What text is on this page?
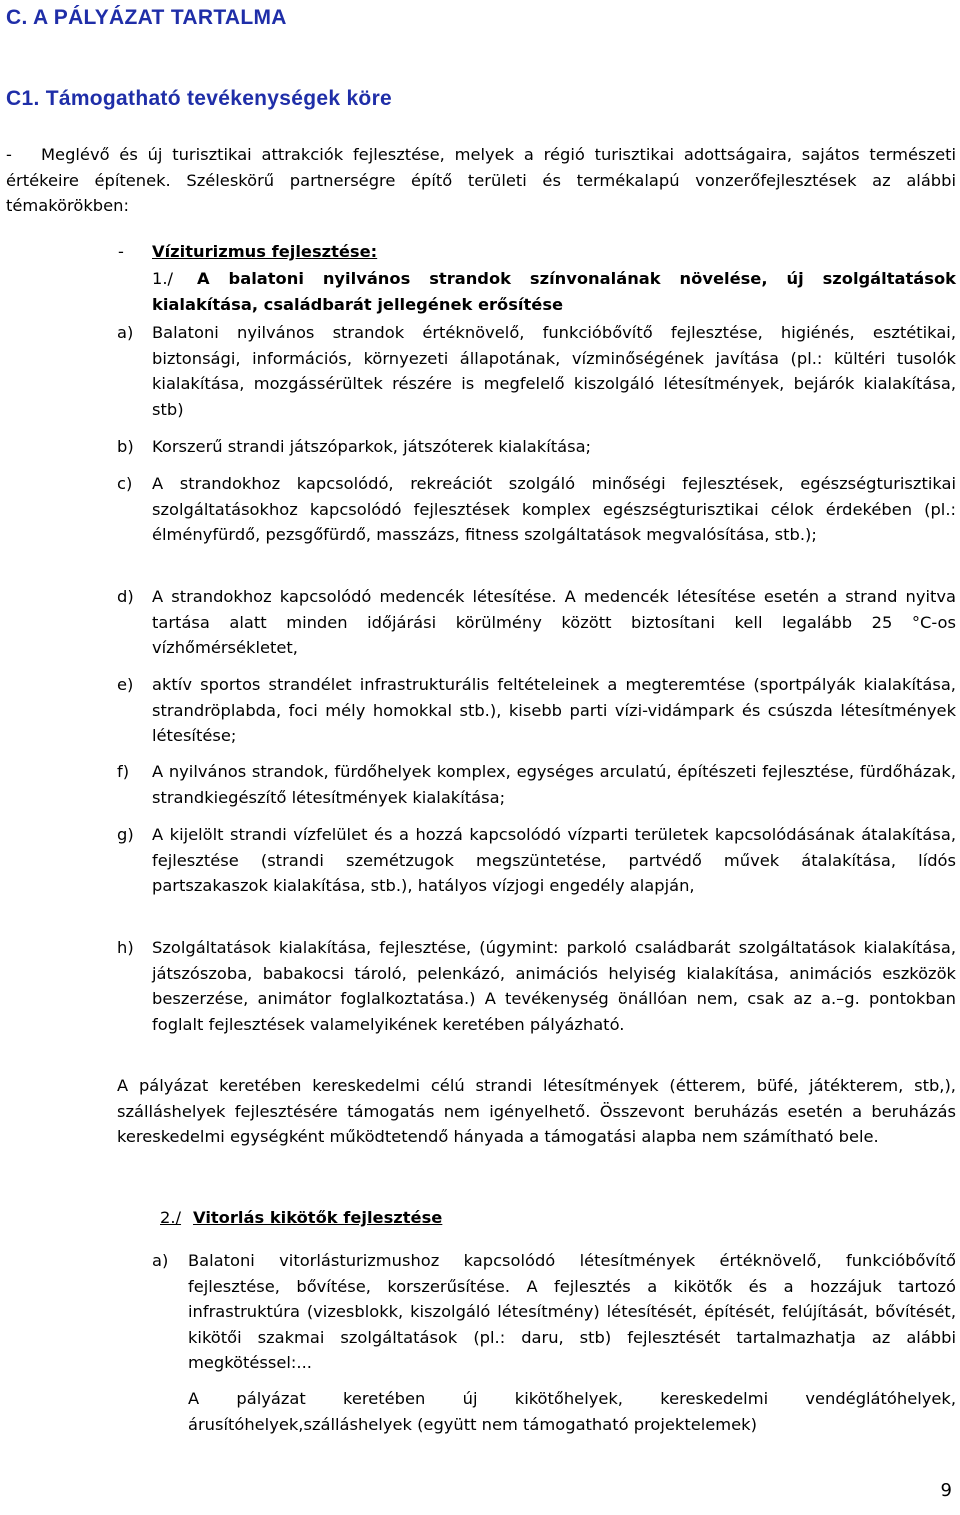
C. A PÁLYÁZAT TARTALMA
C1. Támogatható tevékenységek köre
-	Meglévő és új turisztikai attrakciók fejlesztése, melyek a régió turisztikai adottságaira, sajátos természeti értékeire építenek. Széleskörű partnerségre építő területi és termékalapú vonzerőfejlesztések az alábbi témakörökben:

- Víziturizmus fejlesztése:

A balatoni nyilvános strandok színvonalának növelése, új szolgáltatások kialakítása, családbarát jellegének erősítése

1./
a) Balatoni nyilvános strandok értéknövelő, funkcióbővítő fejlesztése, higiénés, esztétikai, biztonsági, információs, környezeti állapotának, vízminőségének javítása (pl.: kültéri tusolók kialakítása, mozgássérültek részére is megfelelő kiszolgáló létesítmények, bejárók kialakítása, stb)

b) Korszerű strandi játszóparkok, játszóterek kialakítása;

c) A strandokhoz kapcsolódó, rekreációt szolgáló minőségi fejlesztések, egészségturisztikai szolgáltatásokhoz kapcsolódó fejlesztések komplex egészségturisztikai célok érdekében (pl.: élményfürdő, pezsgőfürdő, masszázs, fitness szolgáltatások megvalósítása, stb.);

d) A strandokhoz kapcsolódó medencék létesítése. A medencék létesítése esetén a strand nyitva tartása alatt minden időjárási körülmény között biztosítani kell legalább 25 °C-os vízhőmérsékletet,

e) aktív sportos strandélet infrastrukturális feltételeinek a megteremtése (sportpályák kialakítása, strandröplabda, foci mély homokkal stb.), kisebb parti vízi-vidámpark és csúszda létesítmények létesítése;

f) A nyilvános strandok, fürdőhelyek komplex, egységes arculatú, építészeti fejlesztése, fürdőházak, strandkiegészítő létesítmények kialakítása;

g) A kijelölt strandi vízfelület és a hozzá kapcsolódó vízparti területek kapcsolódásának átalakítása, fejlesztése (strandi szemétzugok megszüntetése, partvédő művek átalakítása, lídós partszakaszok kialakítása, stb.), hatályos vízjogi engedély alapján,

h) Szolgáltatások kialakítása, fejlesztése, (úgymint: parkoló családbarát szolgáltatások kialakítása, játszószoba, babakocsi tároló, pelenkázó, animációs helyiség kialakítása, animációs eszközök beszerzése, animátor foglalkoztatása.) A tevékenység önállóan nem, csak az a.–g. pontokban foglalt fejlesztések valamelyikének keretében pályázható.

A pályázat keretében kereskedelmi célú strandi létesítmények (étterem, büfé, játékterem, stb,), szálláshelyek fejlesztésére támogatás nem igényelhető. Összevont beruházás esetén a beruházás kereskedelmi egységként működtetendő hányada a támogatási alapba nem számítható bele.

2./ Vitorlás kikötők fejlesztése
a) Balatoni vitorlásturizmushoz kapcsolódó létesítmények értéknövelő, funkcióbővítő fejlesztése, bővítése, korszerűsítése. A fejlesztés a kikötők és a hozzájuk tartozó infrastruktúra (vizesblokk, kiszolgáló létesítmény) létesítését, építését, felújítását, bővítését, kikötői szakmai szolgáltatások (pl.: daru, stb) fejlesztését tartalmazhatja az alábbi megkötéssel:...

A pályázat keretében új kikötőhelyek, kereskedelmi vendéglátóhelyek, árusítóhelyek,szálláshelyek (együtt nem támogatható projektelemek)

9
